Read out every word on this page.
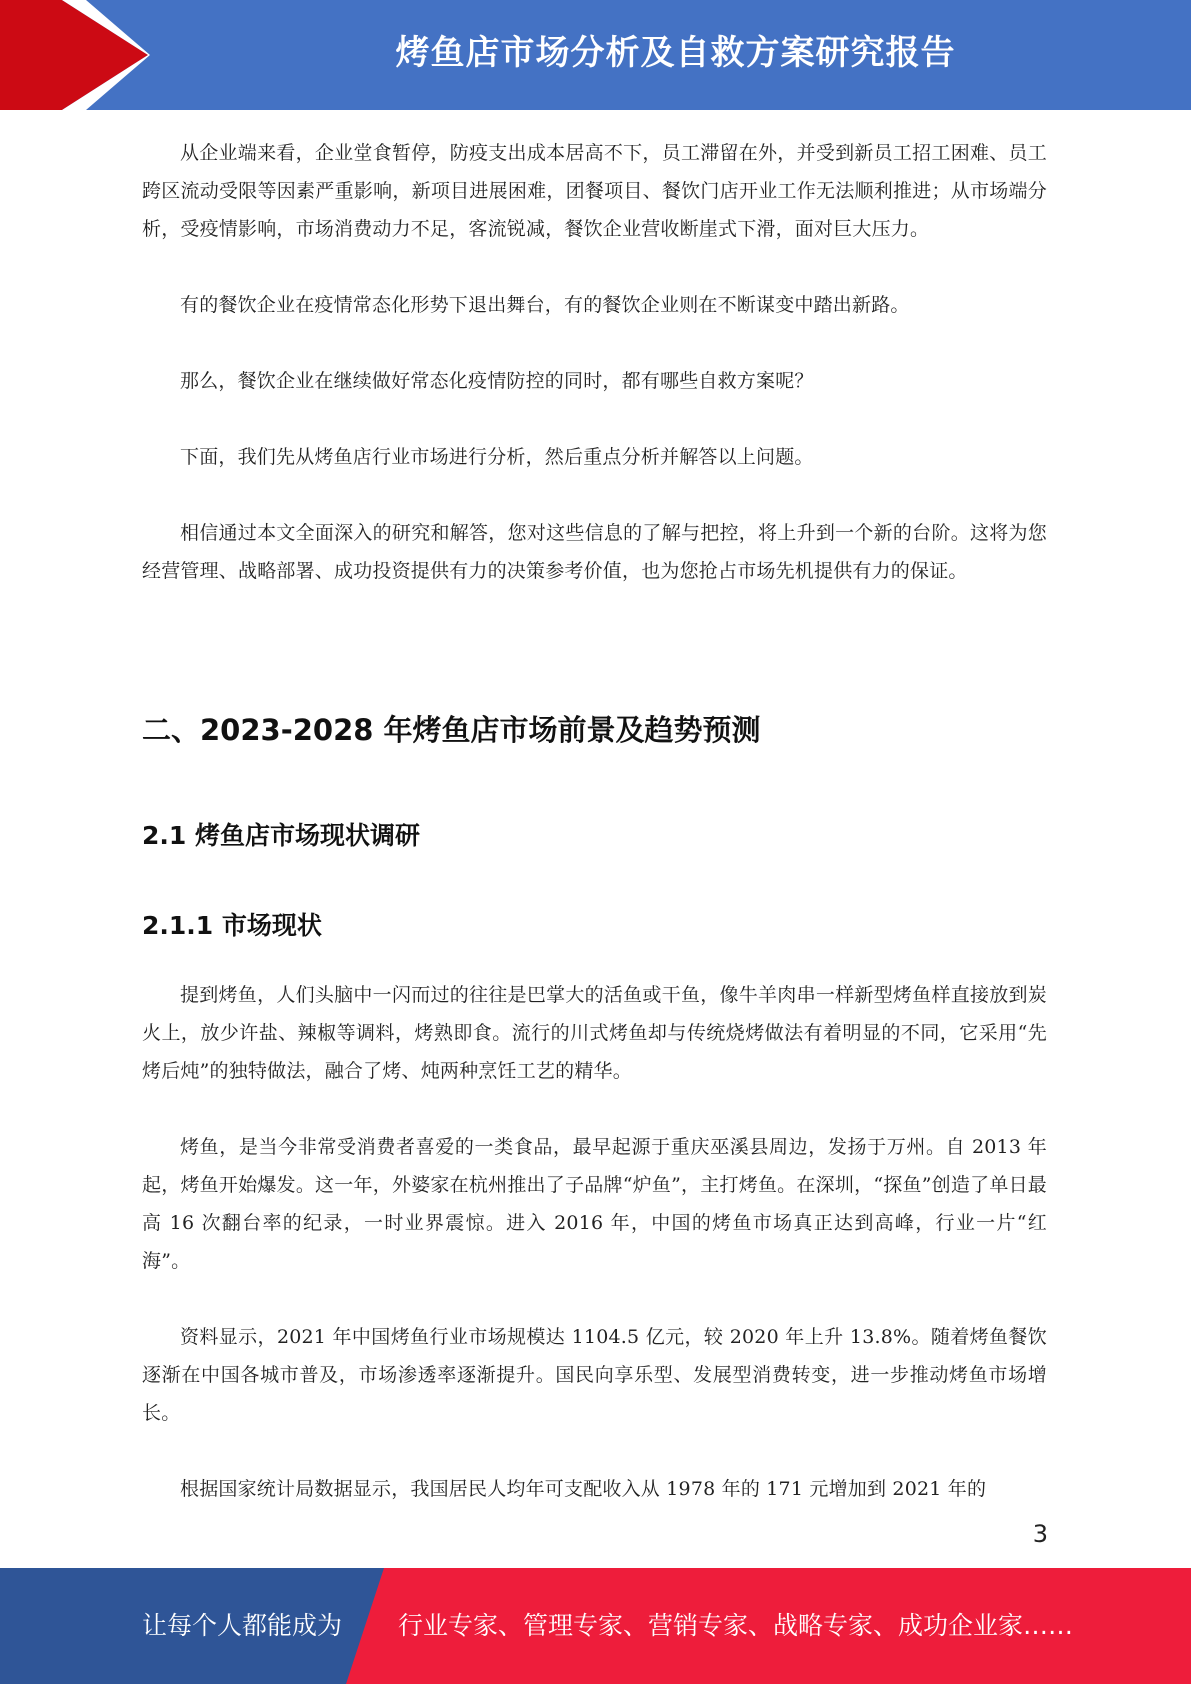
烤鱼店市场分析及自救方案研究报告

从企业端来看，企业堂食暂停，防疫支出成本居高不下，员工滞留在外，并受到新员工招工困难、员工跨区流动受限等因素严重影响，新项目进展困难，团餐项目、餐饮门店开业工作无法顺利推进；从市场端分析，受疫情影响，市场消费动力不足，客流锐减，餐饮企业营收断崖式下滑，面对巨大压力。

有的餐饮企业在疫情常态化形势下退出舞台，有的餐饮企业则在不断谋变中踏出新路。

那么，餐饮企业在继续做好常态化疫情防控的同时，都有哪些自救方案呢？

下面，我们先从烤鱼店行业市场进行分析，然后重点分析并解答以上问题。

相信通过本文全面深入的研究和解答，您对这些信息的了解与把控，将上升到一个新的台阶。这将为您经营管理、战略部署、成功投资提供有力的决策参考价值，也为您抢占市场先机提供有力的保证。

二、2023-2028 年烤鱼店市场前景及趋势预测
2.1 烤鱼店市场现状调研
2.1.1 市场现状

提到烤鱼，人们头脑中一闪而过的往往是巴掌大的活鱼或干鱼，像牛羊肉串一样新型烤鱼样直接放到炭火上，放少许盐、辣椒等调料，烤熟即食。流行的川式烤鱼却与传统烧烤做法有着明显的不同，它采用“先烤后炖”的独特做法，融合了烤、炖两种烹饪工艺的精华。

烤鱼，是当今非常受消费者喜爱的一类食品，最早起源于重庆巫溪县周边，发扬于万州。自 2013 年起，烤鱼开始爆发。这一年，外婆家在杭州推出了子品牌“炉鱼”，主打烤鱼。在深圳，“探鱼”创造了单日最高 16 次翻台率的纪录，一时业界震惊。进入 2016 年，中国的烤鱼市场真正达到高峰，行业一片“红海”。

资料显示，2021 年中国烤鱼行业市场规模达 1104.5 亿元，较 2020 年上升 13.8%。随着烤鱼餐饮逐渐在中国各城市普及，市场渗透率逐渐提升。国民向享乐型、发展型消费转变，进一步推动烤鱼市场增长。

根据国家统计局数据显示，我国居民人均年可支配收入从 1978 年的 171 元增加到 2021 年的

3
让每个人都能成为 行业专家、管理专家、营销专家、战略专家、成功企业家……
